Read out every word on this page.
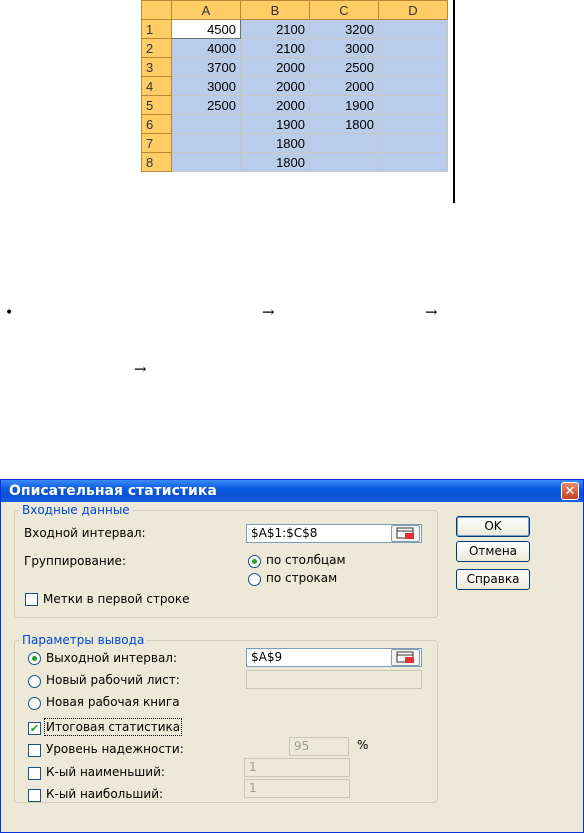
	A	B	C	D
1	4500	2100	3200	
2	4000	2100	3000	
3	3700	2000	2500	
4	3000	2000	2000	
5	2500	2000	1900	
6		1900	1800	
7		1800		
8		1800		
•	→	→
→
Описательная статистика	✕
Входные данные
Входной интервал:	$A$1:$C$8
Группирование:	по столбцам
по строкам
Метки в первой строке
Параметры вывода
Выходной интервал:	$A$9
Новый рабочий лист:
Новая рабочая книга
✔ Итоговая статистика
Уровень надежности:	95	%
К-ый наименьший:	1
К-ый наибольший:	1
OK
Отмена
Справка
